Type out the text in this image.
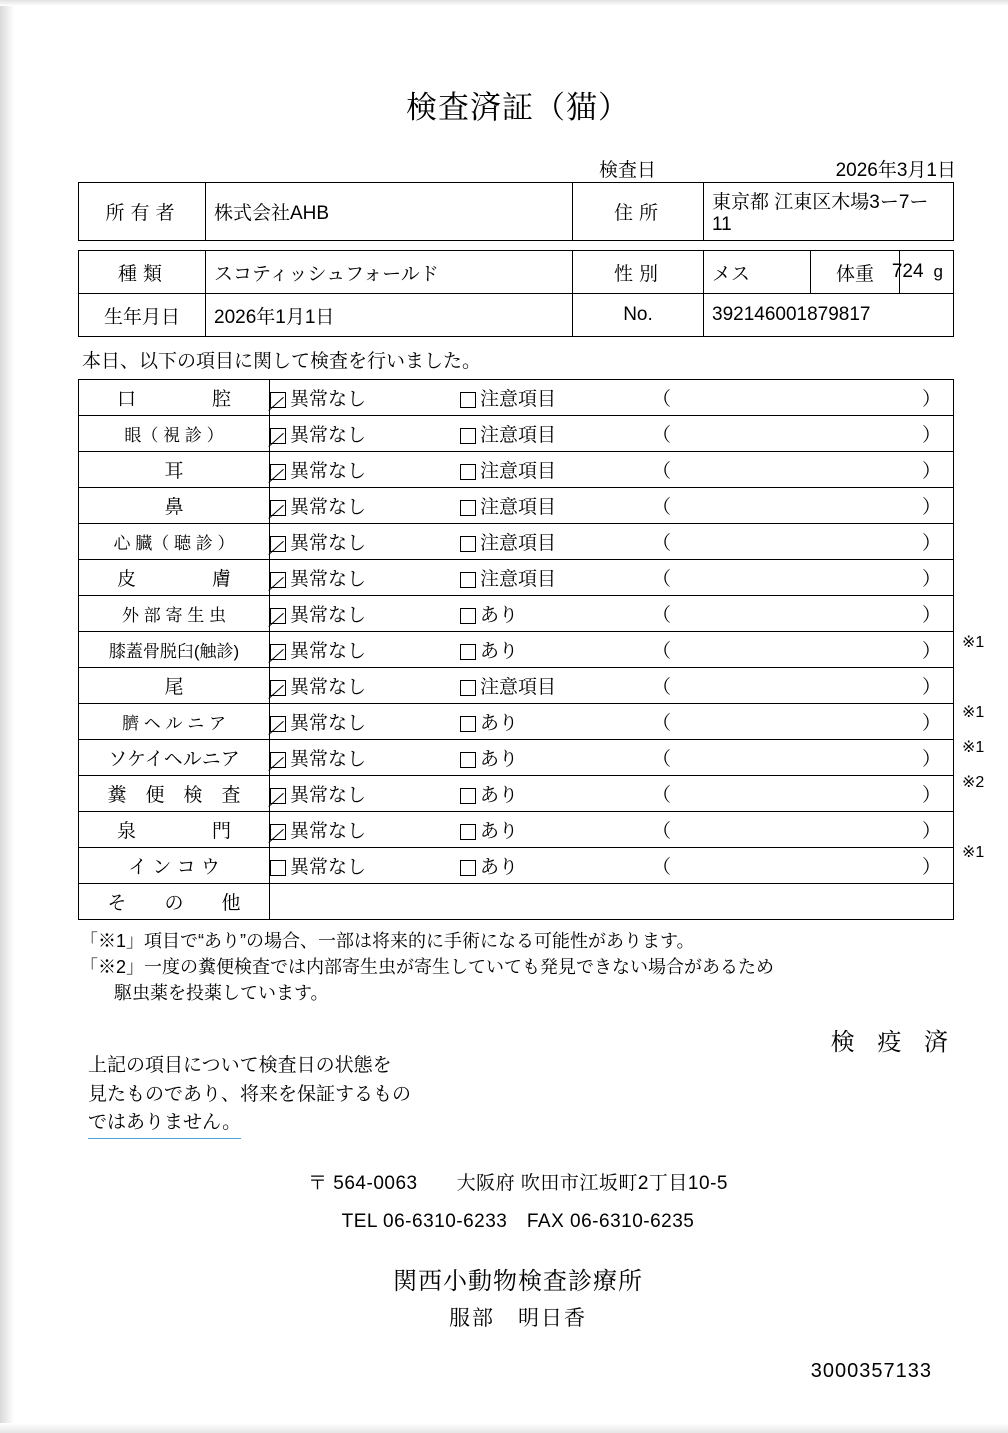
検査済証（猫）
検査日	2026年3月1日
所有者	株式会社AHB	住所	東京都 江東区木場3ー7ー11
種類	スコティッシュフォールド	性別	メス	体重	724 g

生年月日	2026年1月1日	No.	392146001879817		
本日、以下の項目に関して検査を行いました。
口　　　　腔	異常なし 注意項目 （ ）

眼（ 視 診 ）	異常なし 注意項目 （ ）

耳	異常なし 注意項目 （ ）

鼻	異常なし 注意項目 （ ）

心 臓（ 聴 診 ）	異常なし 注意項目 （ ）

皮　　　　膚	異常なし 注意項目 （ ）

外 部 寄 生 虫	異常なし あり （ ）

膝蓋骨脱臼(触診)	異常なし あり （ ）

尾	異常なし 注意項目 （ ）

臍 ヘ ル ニ ア	異常なし あり （ ）

ソケイヘルニア	異常なし あり （ ）

糞　便　検　査	異常なし あり （ ）

泉　　　　門	異常なし あり （ ）

イ ン コ ウ	異常なし あり （ ）

そ　　の　　他	
※1
※1
※1
※2
※1
「※1」項目で“あり”の場合、一部は将来的に手術になる可能性があります。
「※2」一度の糞便検査では内部寄生虫が寄生していても発見できない場合があるため
駆虫薬を投薬しています。
上記の項目について検査日の状態を
見たものであり、将来を保証するもの
ではありません。
〒 564-0063　　大阪府 吹田市江坂町2丁目10-5
TEL 06-6310-6233　FAX 06-6310-6235
関西小動物検査診療所
服部　明日香
3000357133
検 疫 済
